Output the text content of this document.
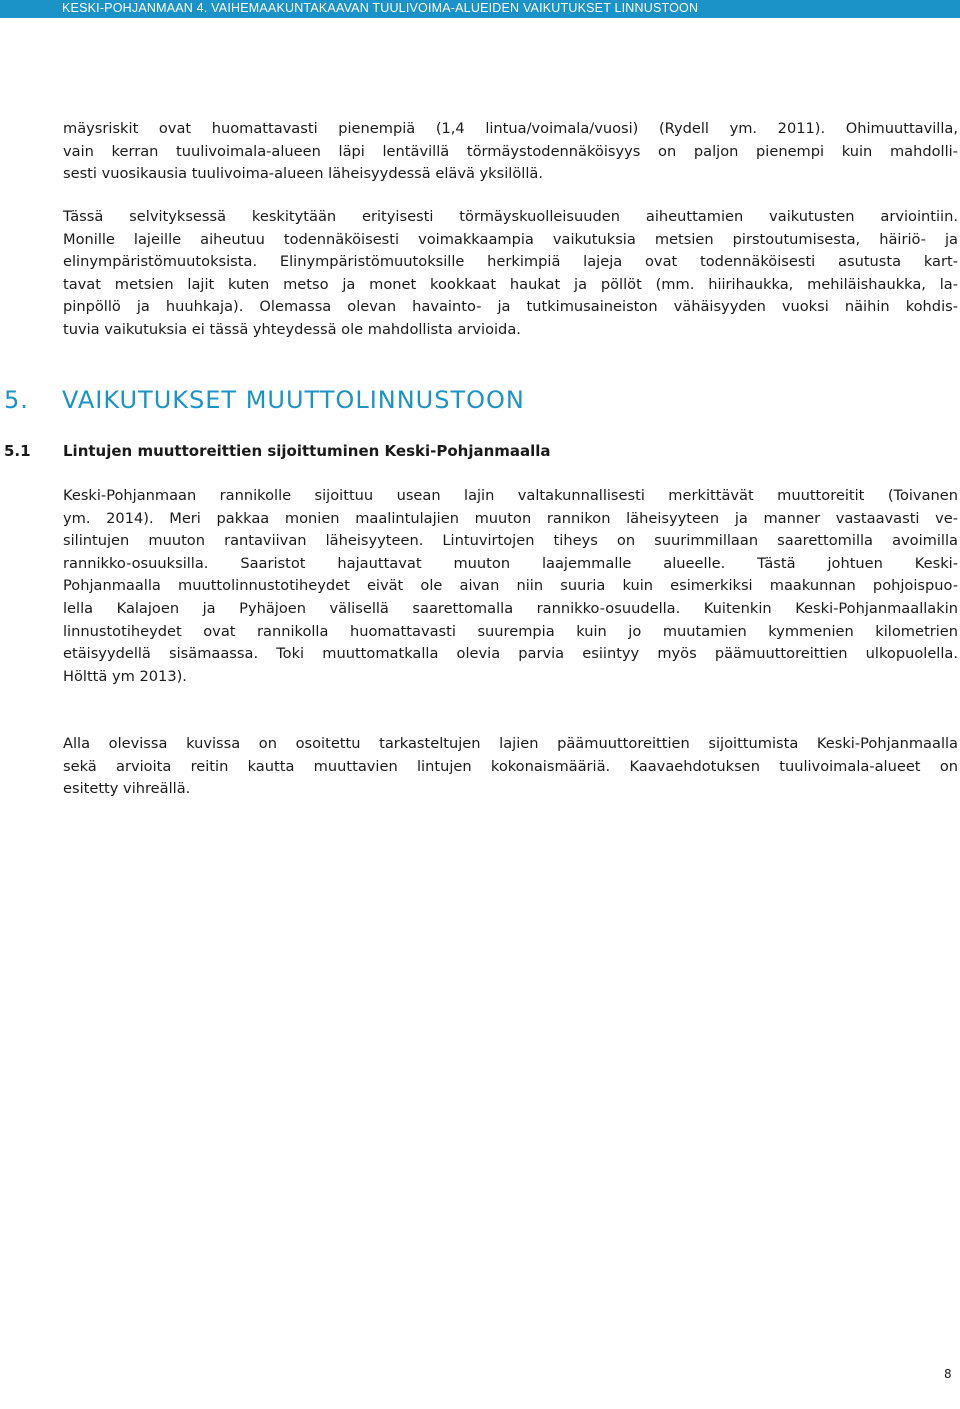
KESKI-POHJANMAAN 4. VAIHEMAAKUNTAKAAVAN TUULIVOIMA-ALUEIDEN VAIKUTUKSET LINNUSTOON

mäysriskit ovat huomattavasti pienempiä (1,4 lintua/voimala/vuosi) (Rydell ym. 2011). Ohimuuttavilla,
vain kerran tuulivoimala-alueen läpi lentävillä törmäystodennäköisyys on paljon pienempi kuin mahdolli-
sesti vuosikausia tuulivoima-alueen läheisyydessä elävä yksilöllä.

Tässä selvityksessä keskitytään erityisesti törmäyskuolleisuuden aiheuttamien vaikutusten arviointiin.
Monille lajeille aiheutuu todennäköisesti voimakkaampia vaikutuksia metsien pirstoutumisesta, häiriö- ja
elinympäristömuutoksista. Elinympäristömuutoksille herkimpiä lajeja ovat todennäköisesti asutusta kart-
tavat metsien lajit kuten metso ja monet kookkaat haukat ja pöllöt (mm. hiirihaukka, mehiläishaukka, la-
pinpöllö ja huuhkaja). Olemassa olevan havainto- ja tutkimusaineiston vähäisyyden vuoksi näihin kohdis-
tuvia vaikutuksia ei tässä yhteydessä ole mahdollista arvioida.

5. VAIKUTUKSET MUUTTOLINNUSTOON
5.1 Lintujen muuttoreittien sijoittuminen Keski-Pohjanmaalla

Keski-Pohjanmaan rannikolle sijoittuu usean lajin valtakunnallisesti merkittävät muuttoreitit (Toivanen
ym. 2014). Meri pakkaa monien maalintulajien muuton rannikon läheisyyteen ja manner vastaavasti ve-
silintujen muuton rantaviivan läheisyyteen. Lintuvirtojen tiheys on suurimmillaan saarettomilla avoimilla
rannikko-osuuksilla. Saaristot hajauttavat muuton laajemmalle alueelle. Tästä johtuen Keski-
Pohjanmaalla muuttolinnustotiheydet eivät ole aivan niin suuria kuin esimerkiksi maakunnan pohjoispuo-
lella Kalajoen ja Pyhäjoen välisellä saarettomalla rannikko-osuudella. Kuitenkin Keski-Pohjanmaallakin
linnustotiheydet ovat rannikolla huomattavasti suurempia kuin jo muutamien kymmenien kilometrien
etäisyydellä sisämaassa. Toki muuttomatkalla olevia parvia esiintyy myös päämuuttoreittien ulkopuolella.
Hölttä ym 2013).

Alla olevissa kuvissa on osoitettu tarkasteltujen lajien päämuuttoreittien sijoittumista Keski-Pohjanmaalla
sekä arvioita reitin kautta muuttavien lintujen kokonaismääriä. Kaavaehdotuksen tuulivoimala-alueet on
esitetty vihreällä.

8
